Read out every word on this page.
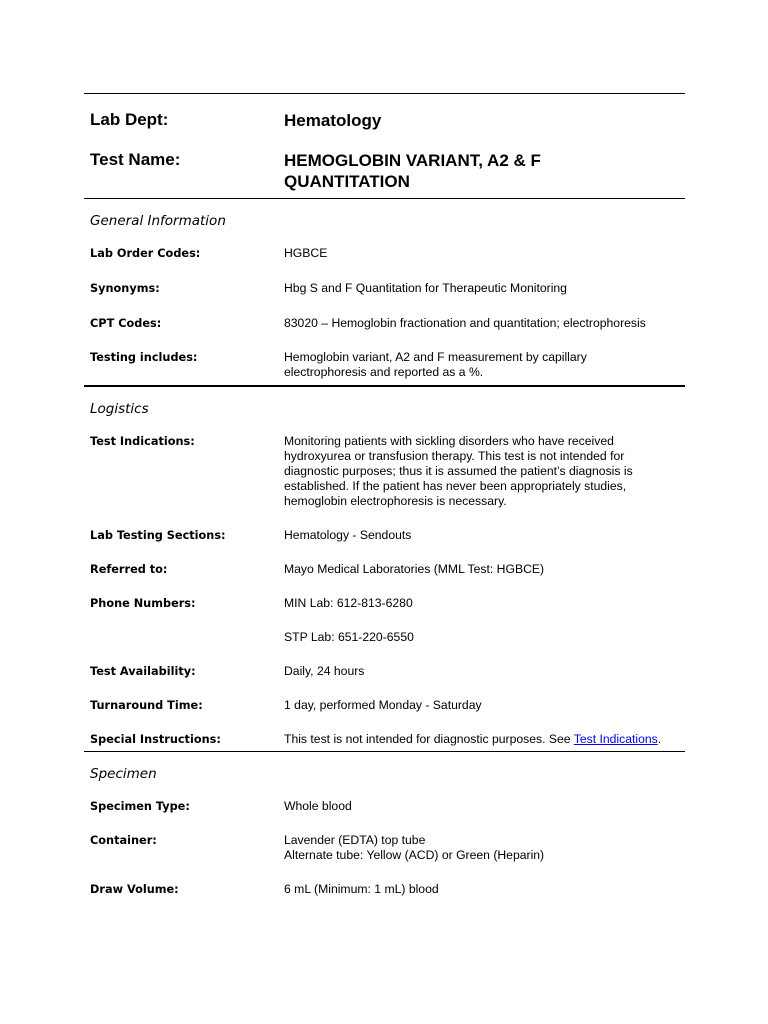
Lab Dept:	Hematology
Test Name:	HEMOGLOBIN VARIANT, A2 & F
QUANTITATION
General Information
Lab Order Codes:	HGBCE
Synonyms:	Hbg S and F Quantitation for Therapeutic Monitoring
CPT Codes:	83020 – Hemoglobin fractionation and quantitation; electrophoresis
Testing includes:	Hemoglobin variant, A2 and F measurement by capillary
electrophoresis and reported as a %.
Logistics
Test Indications:	Monitoring patients with sickling disorders who have received
hydroxyurea or transfusion therapy. This test is not intended for
diagnostic purposes; thus it is assumed the patient’s diagnosis is
established. If the patient has never been appropriately studies,
hemoglobin electrophoresis is necessary.
Lab Testing Sections:	Hematology - Sendouts
Referred to:	Mayo Medical Laboratories (MML Test: HGBCE)
Phone Numbers:	MIN Lab: 612-813-6280
STP Lab: 651-220-6550
Test Availability:	Daily, 24 hours
Turnaround Time:	1 day, performed Monday - Saturday
Special Instructions:	This test is not intended for diagnostic purposes. See Test Indications.
Specimen
Specimen Type:	Whole blood
Container:	Lavender (EDTA) top tube
Alternate tube: Yellow (ACD) or Green (Heparin)
Draw Volume:	6 mL (Minimum: 1 mL) blood
